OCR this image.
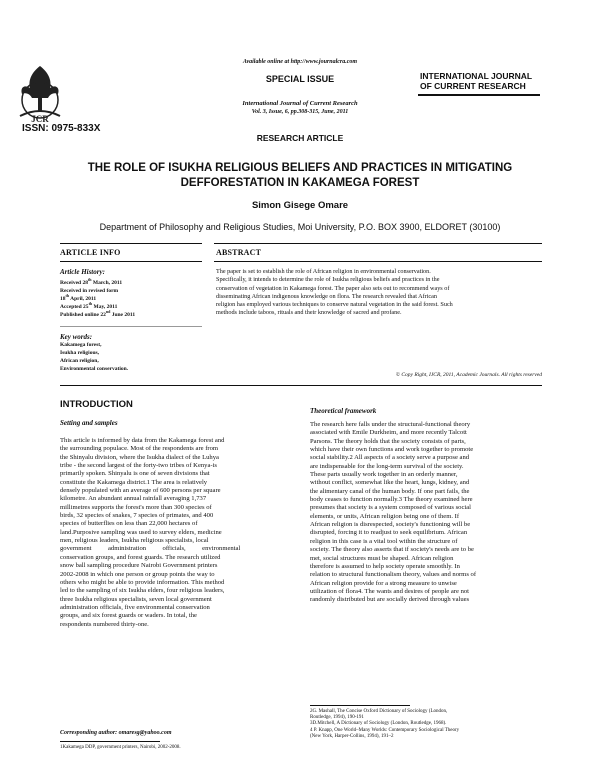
JCR
ISSN: 0975-833X
Available online at http://www.journalcra.com
SPECIAL ISSUE
International Journal of Current Research
Vol. 3, Issue, 6, pp.308-315, June, 2011
INTERNATIONAL JOURNAL
OF CURRENT RESEARCH
RESEARCH ARTICLE
THE ROLE OF ISUKHA RELIGIOUS BELIEFS AND PRACTICES IN MITIGATING
DEFFORESTATION IN KAKAMEGA FOREST
Simon Gisege Omare
Department of Philosophy and Religious Studies, Moi University, P.O. BOX 3900, ELDORET (30100)
ARTICLE INFO	ABSTRACT
Article History:
Received 28th March, 2011
Received in revised form
18th April, 2011
Accepted 25th May, 2011
Published online 22nd June 2011
Key words:
Kakamega forest,
Isukha religious,
African religion,
Environmental conservation.
The paper is set to establish the role of African religion in environmental conservation.
Specifically, it intends to determine the role of Isukha religious beliefs and practices in the
conservation of vegetation in Kakamega forest. The paper also sets out to recommend ways of
disseminating African indigenous knowledge on flora. The research revealed that African
religion has employed various techniques to conserve natural vegetation in the said forest. Such
methods include taboos, rituals and their knowledge of sacred and profane.
© Copy Right, IJCR, 2011, Academic Journals. All rights reserved
INTRODUCTION
Setting and samples
This article is informed by data from the Kakamega forest and
the surrounding populace. Most of the respondents are from
the Shinyalu division, where the Isukha dialect of the Luhya
tribe - the second largest of the forty-two tribes of Kenya-is
primarily spoken. Shinyalu is one of seven divisions that
constitute the Kakamega district.1 The area is relatively
densely populated with an average of 600 persons per square
kilometre. An abundant annual rainfall averaging 1,737
millimetres supports the forest's more than 300 species of
birds, 32 species of snakes, 7 species of primates, and 400
species of butterflies on less than 22,000 hectares of
land.Purposive sampling was used to survey elders, medicine
men, religious leaders, Isukha religious specialists, local
government          administration          officials,          environmental
conservation groups, and forest guards. The research utilized
snow ball sampling procedure Nairobi Government printers
2002-2008 in which one person or group points the way to
others who might be able to provide information. This method
led to the sampling of six Isukha elders, four religious leaders,
three Isukha religious specialists, seven local government
administration officials, five environmental conservation
groups, and six forest guards or waders. In total, the
respondents numbered thirty-one.
Corresponding author: omaresg@yahoo.com
1Kakamega DDP, government printers, Nairobi, 2002-2008.
Theoretical framework
The research here falls under the structural-functional theory
associated with Emile Durkheim, and more recently Talcott
Parsons. The theory holds that the society consists of parts,
which have their own functions and work together to promote
social stability.2 All aspects of a society serve a purpose and
are indispensable for the long-term survival of the society.
These parts usually work together in an orderly manner,
without conflict, somewhat like the heart, lungs, kidney, and
the alimentary canal of the human body. If one part fails, the
body ceases to function normally.3 The theory examined here
presumes that society is a system composed of various social
elements, or units, African religion being one of them. If
African religion is disrespected, society's functioning will be
disrupted, forcing it to readjust to seek equilibrium. African
religion in this case is a vital tool within the structure of
society. The theory also asserts that if society's needs are to be
met, social structures must be shaped. African religion
therefore is assumed to help society operate smoothly. In
relation to structural functionalism theory, values and norms of
African religion provide for a strong measure to unwise
utilization of flora4. The wants and desires of people are not
randomly distributed but are socially derived through values
2G. Mashall, The Concise Oxford Dictionary of Sociology (London,
Routledge, 1994), 190-191
3D.Mitchell, A Dictionary of Sociology (London, Routledge, 1968).
4 P. Knapp, One World–Many Worlds: Contemporary Sociological Theory
(New York, Harper-Collins, 1994), 191–2
